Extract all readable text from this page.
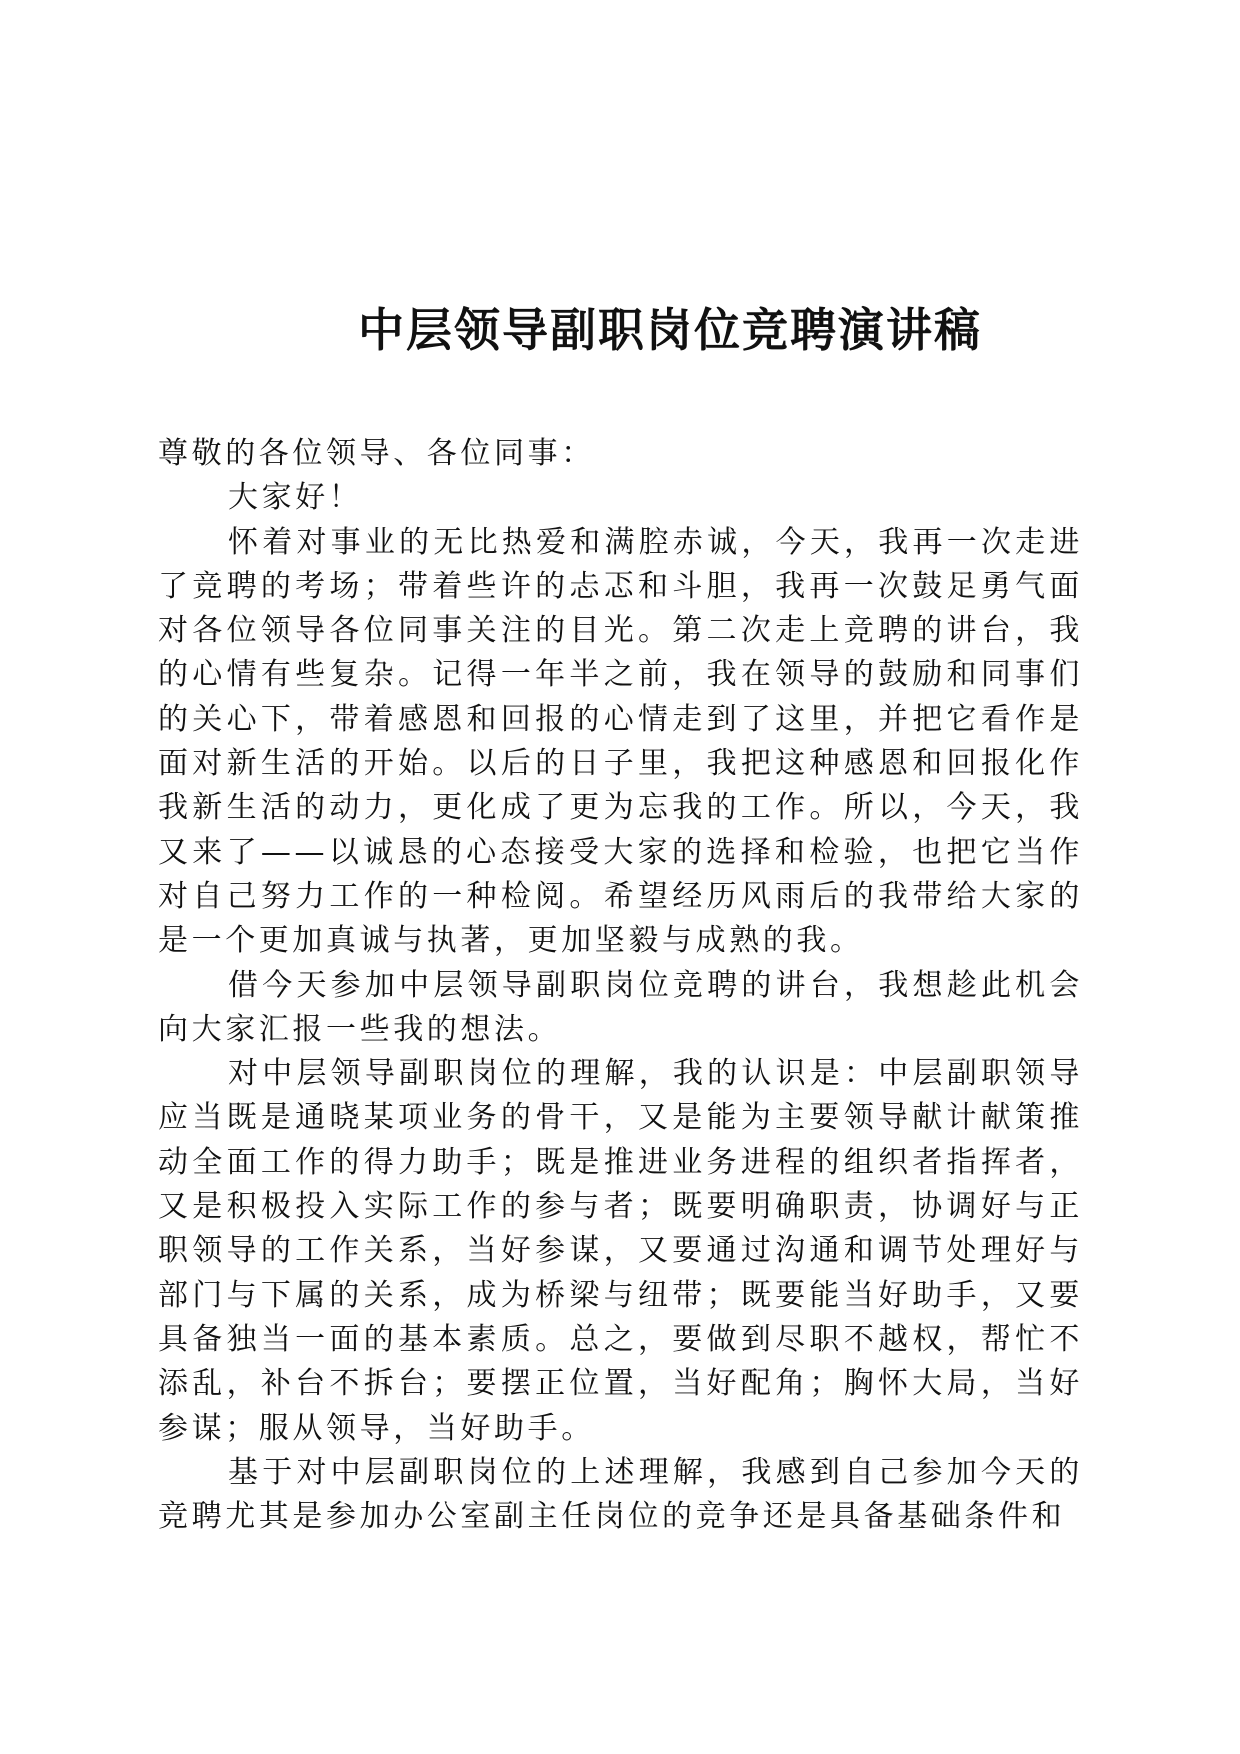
中层领导副职岗位竞聘演讲稿

尊敬的各位领导、各位同事：

大家好！

怀着对事业的无比热爱和满腔赤诚，今天，我再一次走进了竞聘的考场；带着些许的忐忑和斗胆，我再一次鼓足勇气面对各位领导各位同事关注的目光。第二次走上竞聘的讲台，我的心情有些复杂。记得一年半之前，我在领导的鼓励和同事们的关心下，带着感恩和回报的心情走到了这里，并把它看作是面对新生活的开始。以后的日子里，我把这种感恩和回报化作我新生活的动力，更化成了更为忘我的工作。所以，今天，我又来了——以诚恳的心态接受大家的选择和检验，也把它当作对自己努力工作的一种检阅。希望经历风雨后的我带给大家的是一个更加真诚与执著，更加坚毅与成熟的我。

借今天参加中层领导副职岗位竞聘的讲台，我想趁此机会向大家汇报一些我的想法。

对中层领导副职岗位的理解，我的认识是：中层副职领导应当既是通晓某项业务的骨干，又是能为主要领导献计献策推动全面工作的得力助手；既是推进业务进程的组织者指挥者，又是积极投入实际工作的参与者；既要明确职责，协调好与正职领导的工作关系，当好参谋，又要通过沟通和调节处理好与部门与下属的关系，成为桥梁与纽带；既要能当好助手，又要具备独当一面的基本素质。总之，要做到尽职不越权，帮忙不添乱，补台不拆台；要摆正位置，当好配角；胸怀大局，当好参谋；服从领导，当好助手。

基于对中层副职岗位的上述理解，我感到自己参加今天的竞聘尤其是参加办公室副主任岗位的竞争还是具备基础条件和
